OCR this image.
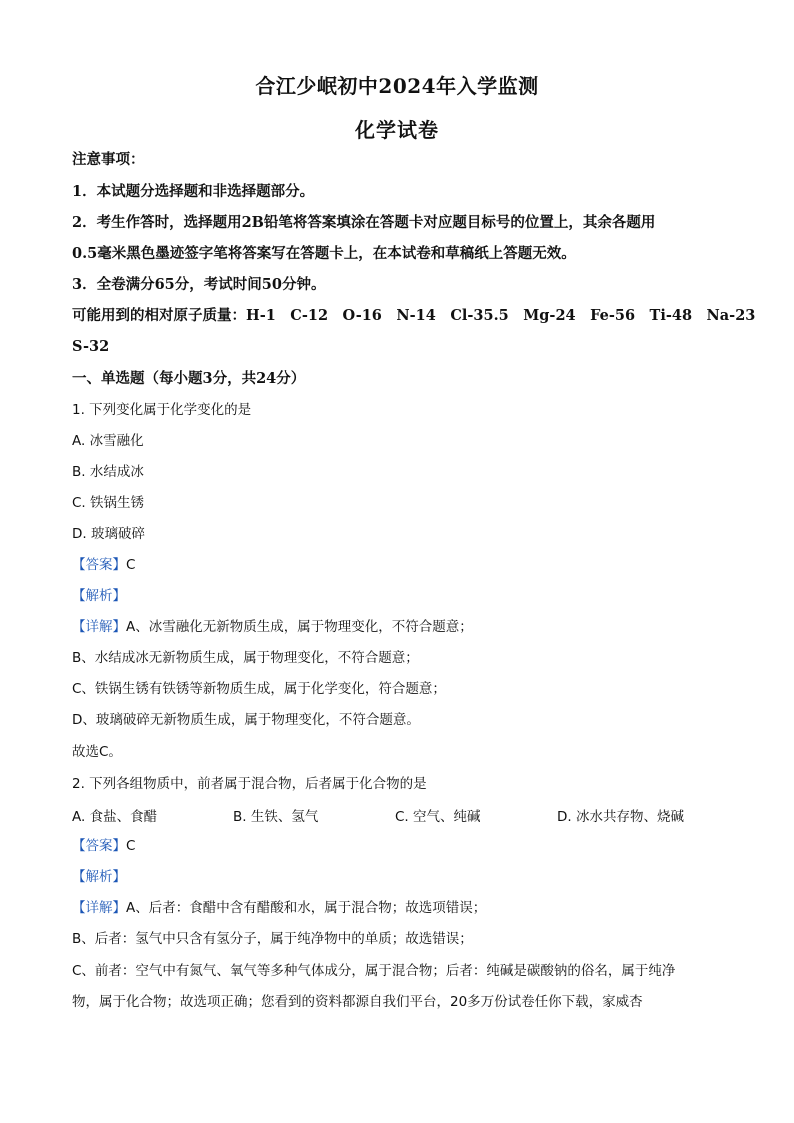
合江少岷初中2024年入学监测
化学试卷
注意事项：
1．本试题分选择题和非选择题部分。
2．考生作答时，选择题用2B铅笔将答案填涂在答题卡对应题目标号的位置上，其余各题用
0.5毫米黑色墨迹签字笔将答案写在答题卡上，在本试卷和草稿纸上答题无效。
3．全卷满分65分，考试时间50分钟。
可能用到的相对原子质量：H-1　C-12　O-16　N-14　Cl-35.5　Mg-24　Fe-56　Ti-48　Na-23
S-32
一、单选题（每小题3分，共24分）
1. 下列变化属于化学变化的是
A. 冰雪融化
B. 水结成冰
C. 铁锅生锈
D. 玻璃破碎
【答案】C
【解析】
【详解】A、冰雪融化无新物质生成，属于物理变化，不符合题意；
B、水结成冰无新物质生成，属于物理变化，不符合题意；
C、铁锅生锈有铁锈等新物质生成，属于化学变化，符合题意；
D、玻璃破碎无新物质生成，属于物理变化，不符合题意。
故选C。
2. 下列各组物质中，前者属于混合物，后者属于化合物的是
A. 食盐、食醋	B. 生铁、氢气	C. 空气、纯碱	D. 冰水共存物、烧碱
【答案】C
【解析】
【详解】A、后者：食醋中含有醋酸和水，属于混合物；故选项错误；
B、后者：氢气中只含有氢分子，属于纯净物中的单质；故选错误；
C、前者：空气中有氮气、氧气等多种气体成分，属于混合物；后者：纯碱是碳酸钠的俗名，属于纯净
物，属于化合物；故选项正确；您看到的资料都源自我们平台，20多万份试卷任你下载，家威杏
